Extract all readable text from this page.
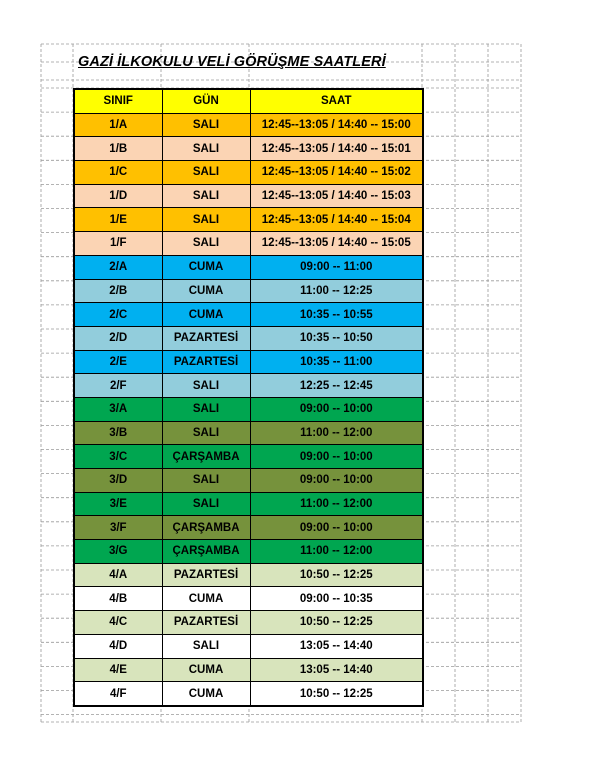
GAZİ İLKOKULU VELİ GÖRÜŞME SAATLERİ
SINIF	GÜN	SAAT
1/A	SALI	12:45--13:05 / 14:40 -- 15:00
1/B	SALI	12:45--13:05 / 14:40 -- 15:01
1/C	SALI	12:45--13:05 / 14:40 -- 15:02
1/D	SALI	12:45--13:05 / 14:40 -- 15:03
1/E	SALI	12:45--13:05 / 14:40 -- 15:04
1/F	SALI	12:45--13:05 / 14:40 -- 15:05
2/A	CUMA	09:00 -- 11:00
2/B	CUMA	11:00 -- 12:25
2/C	CUMA	10:35 -- 10:55
2/D	PAZARTESİ	10:35 -- 10:50
2/E	PAZARTESİ	10:35 -- 11:00
2/F	SALI	12:25 -- 12:45
3/A	SALI	09:00 -- 10:00
3/B	SALI	11:00 -- 12:00
3/C	ÇARŞAMBA	09:00 -- 10:00
3/D	SALI	09:00 -- 10:00
3/E	SALI	11:00 -- 12:00
3/F	ÇARŞAMBA	09:00 -- 10:00
3/G	ÇARŞAMBA	11:00 -- 12:00
4/A	PAZARTESİ	10:50 -- 12:25
4/B	CUMA	09:00 -- 10:35
4/C	PAZARTESİ	10:50 -- 12:25
4/D	SALI	13:05 -- 14:40
4/E	CUMA	13:05 -- 14:40
4/F	CUMA	10:50 -- 12:25
